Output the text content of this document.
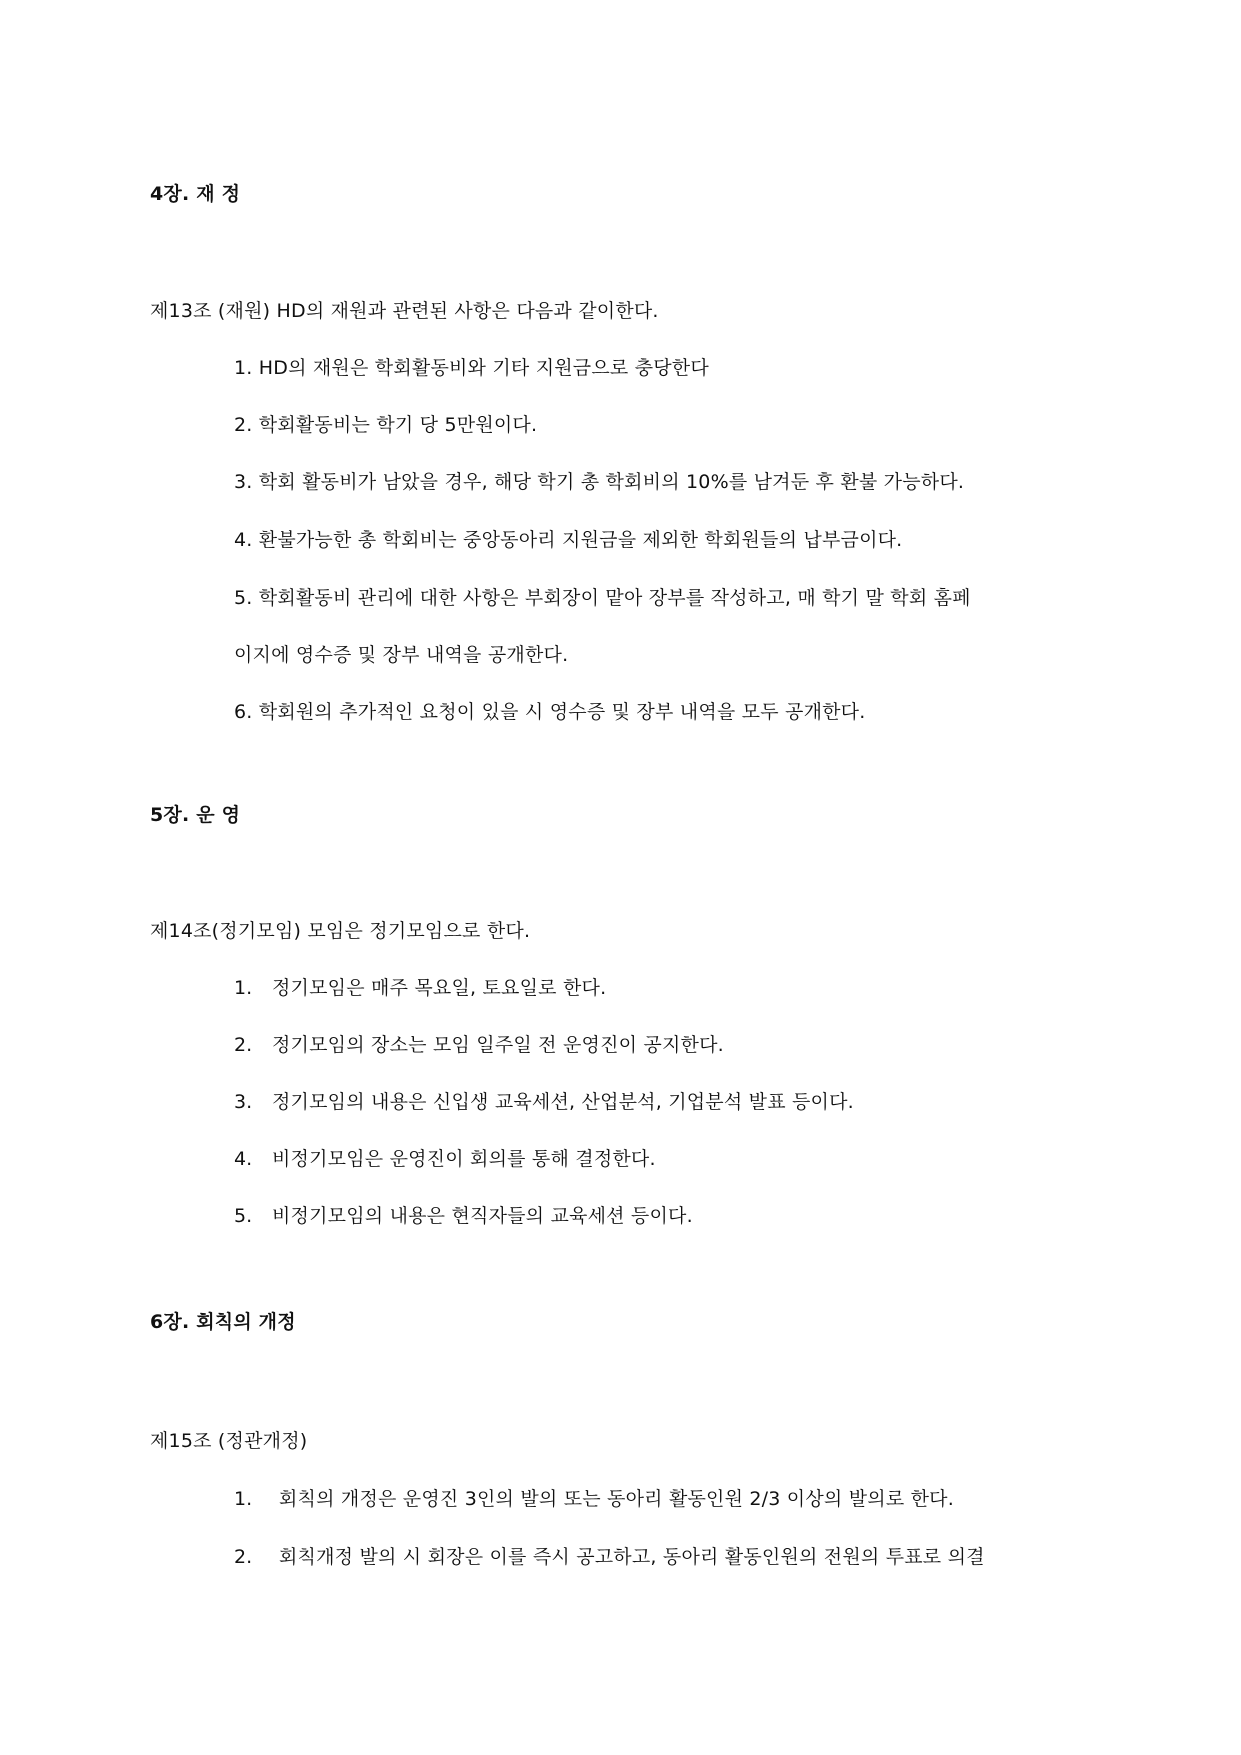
4장. 재 정
제13조 (재원) HD의 재원과 관련된 사항은 다음과 같이한다.
1. HD의 재원은 학회활동비와 기타 지원금으로 충당한다
2. 학회활동비는 학기 당 5만원이다.
3. 학회 활동비가 남았을 경우, 해당 학기 총 학회비의 10%를 남겨둔 후 환불 가능하다.
4. 환불가능한 총 학회비는 중앙동아리 지원금을 제외한 학회원들의 납부금이다.
5. 학회활동비 관리에 대한 사항은 부회장이 맡아 장부를 작성하고, 매 학기 말 학회 홈페
이지에 영수증 및 장부 내역을 공개한다.
6. 학회원의 추가적인 요청이 있을 시 영수증 및 장부 내역을 모두 공개한다.
5장. 운 영
제14조(정기모임) 모임은 정기모임으로 한다.
1. 정기모임은 매주 목요일, 토요일로 한다.
2. 정기모임의 장소는 모임 일주일 전 운영진이 공지한다.
3. 정기모임의 내용은 신입생 교육세션, 산업분석, 기업분석 발표 등이다.
4. 비정기모임은 운영진이 회의를 통해 결정한다.
5. 비정기모임의 내용은 현직자들의 교육세션 등이다.
6장. 회칙의 개정
제15조 (정관개정)
1. 회칙의 개정은 운영진 3인의 발의 또는 동아리 활동인원 2/3 이상의 발의로 한다.
2. 회칙개정 발의 시 회장은 이를 즉시 공고하고, 동아리 활동인원의 전원의 투표로 의결
